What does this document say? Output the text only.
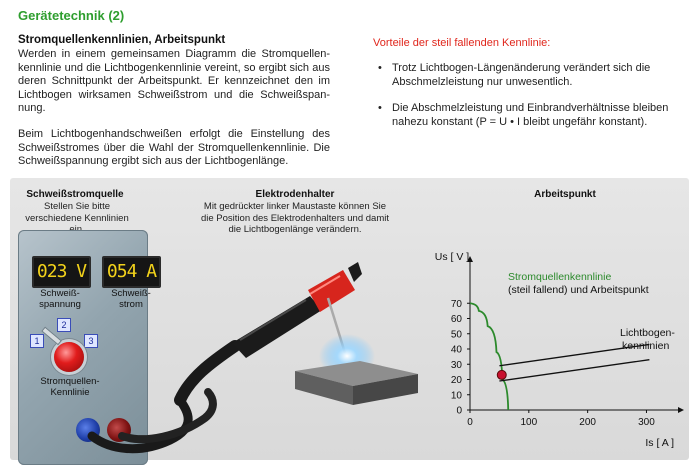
Gerätetechnik (2)
Stromquellenkennlinien, Arbeitspunkt

Werden in einem gemeinsamen Diagramm die Stromquellen-kennlinie und die Lichtbogenkennlinie vereint, so ergibt sich aus deren Schnittpunkt der Arbeitspunkt. Er kennzeichnet den im Lichtbogen wirksamen Schweißstrom und die Schweißspan-nung.

Beim Lichtbogenhandschweißen erfolgt die Einstellung des Schweißstromes über die Wahl der Stromquellenkennlinie. Die Schweißspannung ergibt sich aus der Lichtbogenlänge.

Vorteile der steil fallenden Kennlinie:
• Trotz Lichtbogen-Längenänderung verändert sich die Abschmelzleistung nur unwesentlich.
• Die Abschmelzleistung und Einbrandverhältnisse bleiben nahezu konstant (P = U • I bleibt ungefähr konstant).
Schweißstromquelle
Stellen Sie bitte verschiedene Kennlinien
Elektrodenhalter
Mit gedrückter linker Maustaste können Sie die Position des Elektrodenhalters und damit die Lichtbogenlänge verändern.
Arbeitspunkt
023 V 054 A
Schweiß-spannung
Schweiß-strom
1
2
3
Stromquellen-Kennlinie
0
10
20
30
40
50
60
70
0	100	200	300
Us [ V ]
Is [ A ]
Stromquellenkennlinie
(steil fallend) und Arbeitspunkt
Lichtbogen-
kennlinien
